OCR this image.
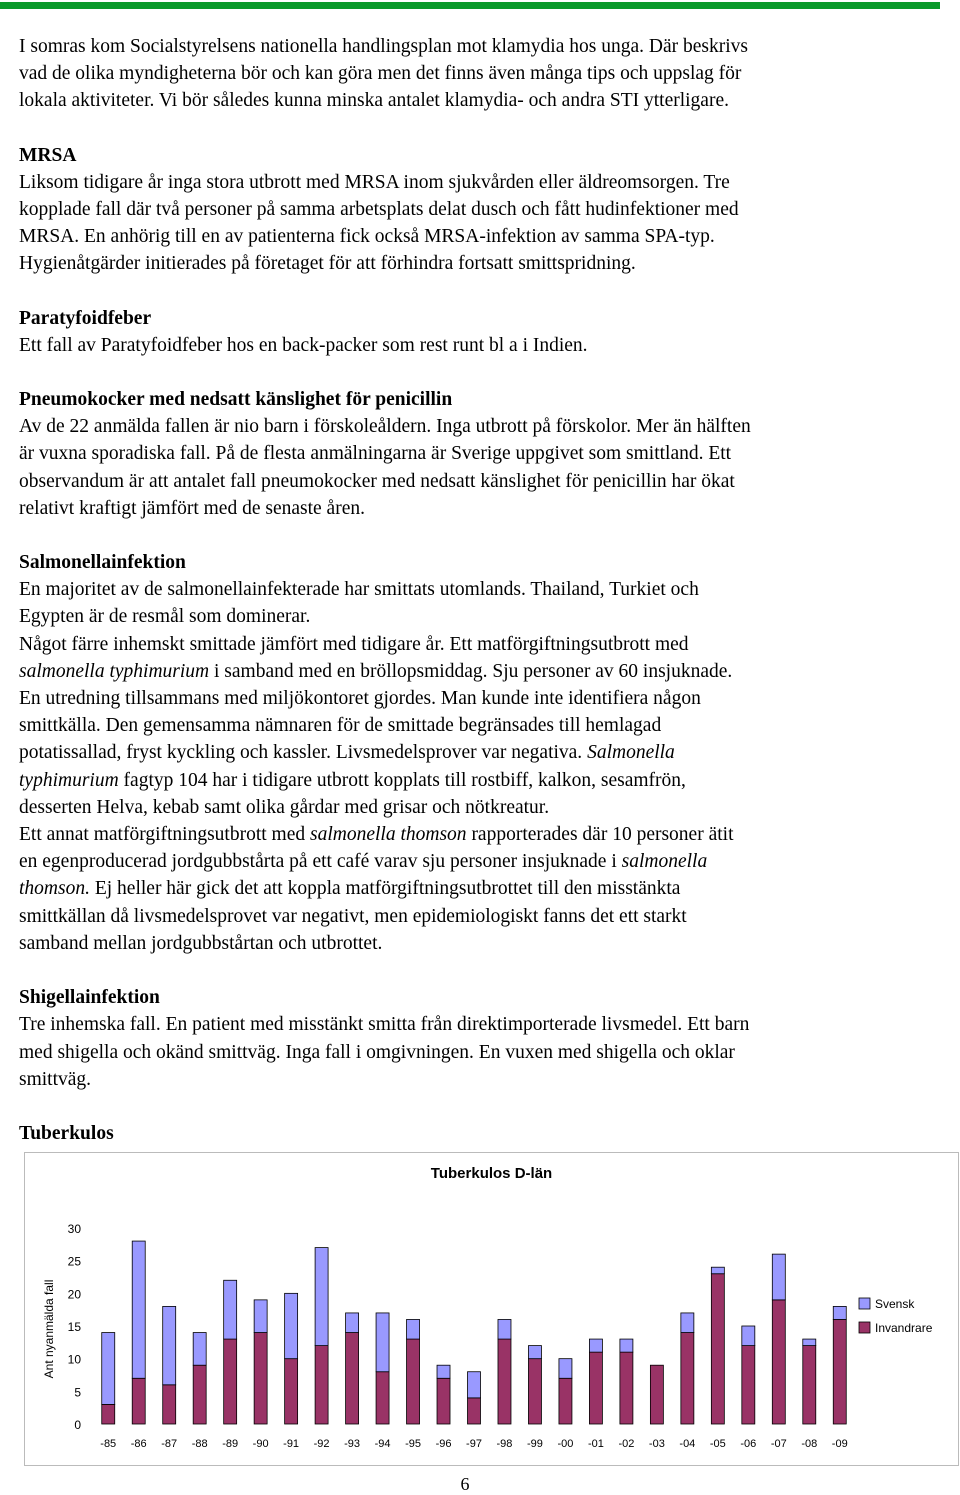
I somras kom Socialstyrelsens nationella handlingsplan mot klamydia hos unga. Där beskrivs

vad de olika myndigheterna bör och kan göra men det finns även många tips och uppslag för

lokala aktiviteter. Vi bör således kunna minska antalet klamydia- och andra STI ytterligare.

MRSA

Liksom tidigare år inga stora utbrott med MRSA inom sjukvården eller äldreomsorgen. Tre

kopplade fall där två personer på samma arbetsplats delat dusch och fått hudinfektioner med

MRSA. En anhörig till en av patienterna fick också MRSA-infektion av samma SPA-typ.

Hygienåtgärder initierades på företaget för att förhindra fortsatt smittspridning.

Paratyfoidfeber

Ett fall av Paratyfoidfeber hos en back-packer som rest runt bl a i Indien.

Pneumokocker med nedsatt känslighet för penicillin

Av de 22 anmälda fallen är nio barn i förskoleåldern. Inga utbrott på förskolor. Mer än hälften

är vuxna sporadiska fall. På de flesta anmälningarna är Sverige uppgivet som smittland. Ett

observandum är att antalet fall pneumokocker med nedsatt känslighet för penicillin har ökat

relativt kraftigt jämfört med de senaste åren.

Salmonellainfektion

En majoritet av de salmonellainfekterade har smittats utomlands. Thailand, Turkiet och

Egypten är de resmål som dominerar.

Något färre inhemskt smittade jämfört med tidigare år. Ett matförgiftningsutbrott med

salmonella typhimurium i samband med en bröllopsmiddag. Sju personer av 60 insjuknade.

En utredning tillsammans med miljökontoret gjordes. Man kunde inte identifiera någon

smittkälla. Den gemensamma nämnaren för de smittade begränsades till hemlagad

potatissallad, fryst kyckling och kassler. Livsmedelsprover var negativa. Salmonella

typhimurium fagtyp 104 har i tidigare utbrott kopplats till rostbiff, kalkon, sesamfrön,

desserten Helva, kebab samt olika gårdar med grisar och nötkreatur.

Ett annat matförgiftningsutbrott med salmonella thomson rapporterades där 10 personer ätit

en egenproducerad jordgubbstårta på ett café varav sju personer insjuknade i salmonella

thomson. Ej heller här gick det att koppla matförgiftningsutbrottet till den misstänkta

smittkällan då livsmedelsprovet var negativt, men epidemiologiskt fanns det ett starkt

samband mellan jordgubbstårtan och utbrottet.

Shigellainfektion

Tre inhemska fall. En patient med misstänkt smitta från direktimporterade livsmedel. Ett barn

med shigella och okänd smittväg. Inga fall i omgivningen. En vuxen med shigella och oklar

smittväg.

Tuberkulos

Tuberkulos D-län
0
5
10
15
20
25
30
Ant nyanmälda fall
-85 -86 -87 -88 -89 -90 -91 -92 -93 -94 -95 -96 -97 -98 -99 -00 -01 -02 -03 -04 -05 -06 -07 -08 -09
Svensk
Invandrare
6
